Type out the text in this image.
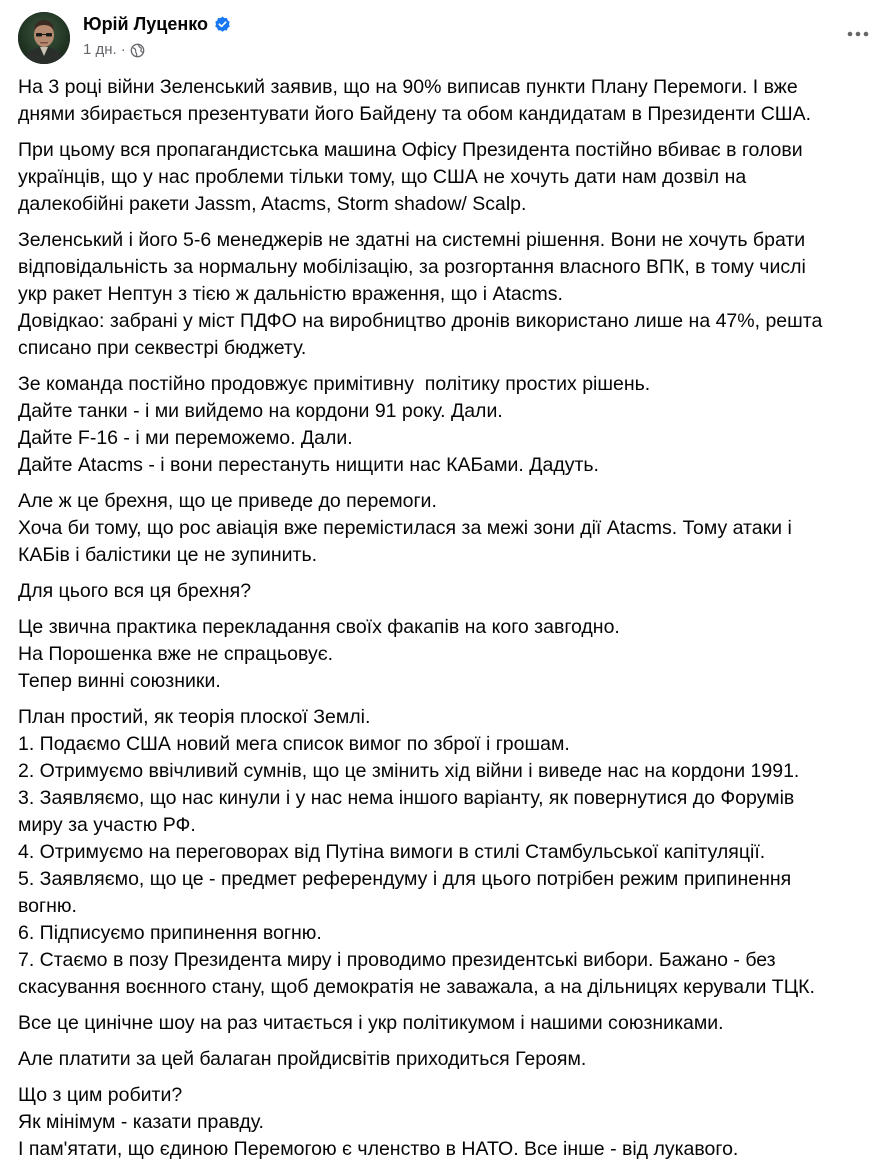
Юрій Луценко
1 дн. ·
На 3 році війни Зеленський заявив, що на 90% виписав пункти Плану Перемоги. І вже
днями збирається презентувати його Байдену та обом кандидатам в Президенти США.
При цьому вся пропагандистська машина Офісу Президента постійно вбиває в голови
українців, що у нас проблеми тільки тому, що США не хочуть дати нам дозвіл на
далекобійні ракети Jassm, Atacms, Storm shadow/ Scalp.
Зеленський і його 5-6 менеджерів не здатні на системні рішення. Вони не хочуть брати
відповідальність за нормальну мобілізацію, за розгортання власного ВПК, в тому числі
укр ракет Нептун з тією ж дальністю враження, що і Atacms.
Довідкао: забрані у міст ПДФО на виробництво дронів використано лише на 47%, решта
списано при секвестрі бюджету.
Зе команда постійно продовжує примітивну  політику простих рішень.
Дайте танки - і ми вийдемо на кордони 91 року. Дали.
Дайте F-16 - і ми переможемо. Дали.
Дайте Atacms - і вони перестануть нищити нас КАБами. Дадуть.
Але ж це брехня, що це приведе до перемоги.
Хоча би тому, що рос авіація вже перемістилася за межі зони дії Atacms. Тому атаки і
КАБів і балістики це не зупинить.
Для цього вся ця брехня?
Це звична практика перекладання своїх факапів на кого завгодно.
На Порошенка вже не спрацьовує.
Тепер винні союзники.
План простий, як теорія плоскої Землі.
1. Подаємо США новий мега список вимог по зброї і грошам.
2. Отримуємо ввічливий сумнів, що це змінить хід війни і виведе нас на кордони 1991.
3. Заявляємо, що нас кинули і у нас нема іншого варіанту, як повернутися до Форумів
миру за участю РФ.
4. Отримуємо на переговорах від Путіна вимоги в стилі Стамбульської капітуляції.
5. Заявляємо, що це - предмет референдуму і для цього потрібен режим припинення
вогню.
6. Підписуємо припинення вогню.
7. Стаємо в позу Президента миру і проводимо президентські вибори. Бажано - без
скасування воєнного стану, щоб демократія не заважала, а на дільницях керували ТЦК.
Все це цинічне шоу на раз читається і укр політикумом і нашими союзниками.
Але платити за цей балаган пройдисвітів приходиться Героям.
Що з цим робити?
Як мінімум - казати правду.
І пам'ятати, що єдиною Перемогою є членство в НАТО. Все інше - від лукавого.
